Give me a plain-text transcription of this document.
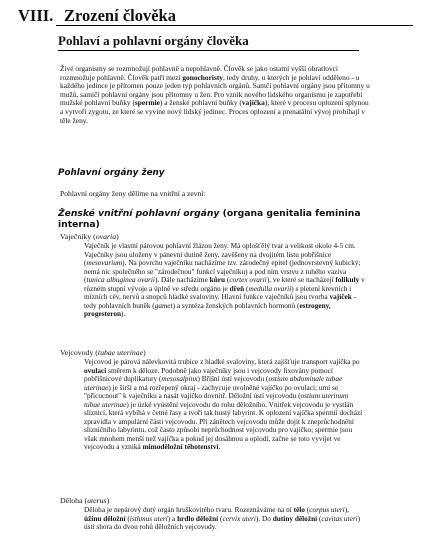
VIII. Zrození člověka
Pohlaví a pohlavní orgány člověka
Živé organismy se rozmnožují pohlavně a nepohlavně. Člověk se jako ostatní vyšší obratlovci rozmnožuje pohlavně. Člověk patří mezi gonochoristy, tedy druhy, u kterých je pohlaví odděleno - u každého jedince je přítomen pouze jeden typ pohlavních orgánů. Samčí pohlavní orgány jsou přítomny u mužů, samičí pohlavní orgány jsou přítomny u žen. Pro vznik nového lidského organismu je zapotřebí mužské pohlavní buňky (spermie) a ženské pohlavní buňky (vajíčka), které v procesu oplození splynou a vytvoří zygotu, ze které se vyvine nový lidský jedinec. Proces oplození a prenatální vývoj probíhají v těle ženy.
Pohlavní orgány ženy
Pohlavní orgány ženy dělíme na vnitřní a zevní:
Ženské vnitřní pohlavní orgány (organa genitalia feminina interna)
Vaječníky (ovaria)
Vaječník je vlastní párovou pohlavní žlázou ženy. Má oplošťělý tvar a velikost okolo 4-5 cm. Vaječníky jsou uloženy v pánevní dutině ženy, zavěšeny na dvojitém listu pobřišnice (mesovarium). Na povrchu vaječníku nacházíme tzv. zárodečný epitel (jednovrstevný kubický; nemá nic společného se "zárodečnou" funkcí vaječníku) a pod ním vrstvu z tuhého vaziva (tunica albuginea ovarii). Dále nacházíme kůru (cortex ovarii), ve které se nacházejí folikuly v různém stupni vývoje a úplně ve středu orgánu je dřeň (medulla ovarii) s pletení krevních i mízních cév, nervů a snopců hladké svaloviny. Hlavní funkce vaječníků jsou tvorba vajíček - tedy pohlavních buněk (gamet) a syntéza ženských pohlavních hormonů (estrogeny, progesteron).
Vejcovody (tubae uterinae)
Vejcovod je párová nálevkovitá trubice z hladké svaloviny, která zajišťuje transport vajíčka po ovulaci směrem k děloze. Podobně jako vaječníky jsou i vejcovody fixovány pomocí pobřišnicové duplikatury (mesosalpinx) Břišní ústí vejcovodu (ostium abdominale tubae uterinae) je širší a má rozřepený okraj - zachycuje uvolněné vajíčko po ovulaci; umí se "přicucnout" k vaječníku a nasát vajíčko dovnitř. Děložní ústí vejcovodu (ostium uterinum tubae uterinae) je úzké vyústění vejcovodu do rohu děložního. Vnitřek vejcovodu je vystlán sliznicí, která vybíhá v četné řasy a tvoří tak hustý labyrint. K oplození vajíčka spermií dochází zpravidla v ampulární části vejcovodu. Při zánětech vejcovodu může dojít k zneprůchodnění slizničního labyrintu, což často způsobí neprůchodnost vejcovodu pro vajíčko; spermie jsou však mnohem menší než vajíčka a pokud jej dosáhnou a oplodí, začne se toto vyvíjet ve vejcovodu a vzniká mimoděložní těhotenství.
Děloha (uterus)
Děloha je nepárový dutý orgán hruškovitého tvaru. Rozeznáváme na ní tělo (corpus uteri), úžinu děložní (isthmus uteri) a hrdlo děložní (cervix uteri). Do dutiny děložní (cavitas uteri) ústí shora do dvou rohů děložních vejcovody.
